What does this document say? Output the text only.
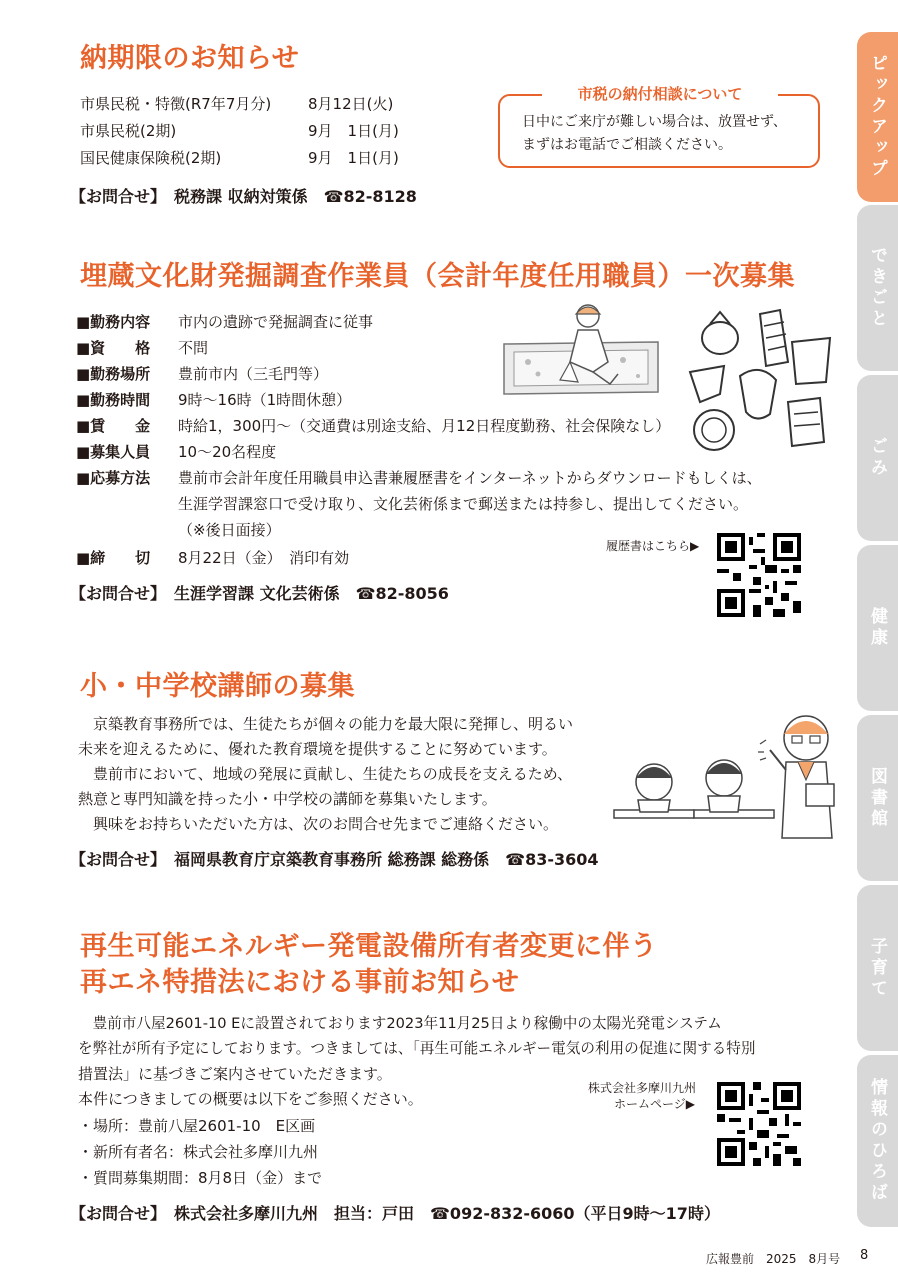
ピックアップ
できごと
ごみ
健康
図書館
子育て
情報のひろば
納期限のお知らせ
市県民税・特徴(R7年7月分) 8月12日(火)
市県民税(2期)	9月　1日(月)
国民健康保険税(2期)	9月　1日(月)
【お問合せ】　税務課 収納対策係　☎82-8128
市税の納付相談について
日中にご来庁が難しい場合は、放置せず、
まずはお電話でご相談ください。
埋蔵文化財発掘調査作業員（会計年度任用職員）一次募集
■勤務内容 市内の遺跡で発掘調査に従事
■資　　格 不問
■勤務場所 豊前市内（三毛門等）
■勤務時間 9時～16時（1時間休憩）
■賃　　金 時給1，300円～（交通費は別途支給、月12日程度勤務、社会保険なし）
■募集人員 10～20名程度
■応募方法 豊前市会計年度任用職員申込書兼履歴書をインターネットからダウンロードもしくは、
生涯学習課窓口で受け取り、文化芸術係まで郵送または持参し、提出してください。
（※後日面接）
■締　　切 8月22日（金）　消印有効
履歴書はこちら▶
【お問合せ】　生涯学習課 文化芸術係　☎82-8056
小・中学校講師の募集
　京築教育事務所では、生徒たちが個々の能力を最大限に発揮し、明るい
未来を迎えるために、優れた教育環境を提供することに努めています。
　豊前市において、地域の発展に貢献し、生徒たちの成長を支えるため、
熱意と専門知識を持った小・中学校の講師を募集いたします。
　興味をお持ちいただいた方は、次のお問合せ先までご連絡ください。
【お問合せ】　福岡県教育庁京築教育事務所 総務課 総務係　☎83-3604
再生可能エネルギー発電設備所有者変更に伴う
再エネ特措法における事前お知らせ
　豊前市八屋2601-10 Eに設置されております2023年11月25日より稼働中の太陽光発電システム
を弊社が所有予定にしております。つきましては、「再生可能エネルギー電気の利用の促進に関する特別
措置法」に基づきご案内させていただきます。
本件につきましての概要は以下をご参照ください。
・場所：豊前八屋2601-10　E区画
・新所有者名：株式会社多摩川九州
・質問募集期間：8月8日（金）まで
株式会社多摩川九州
ホームページ▶
【お問合せ】　株式会社多摩川九州　担当：戸田　☎092-832-6060（平日9時～17時）
広報豊前　2025　8月号 8
